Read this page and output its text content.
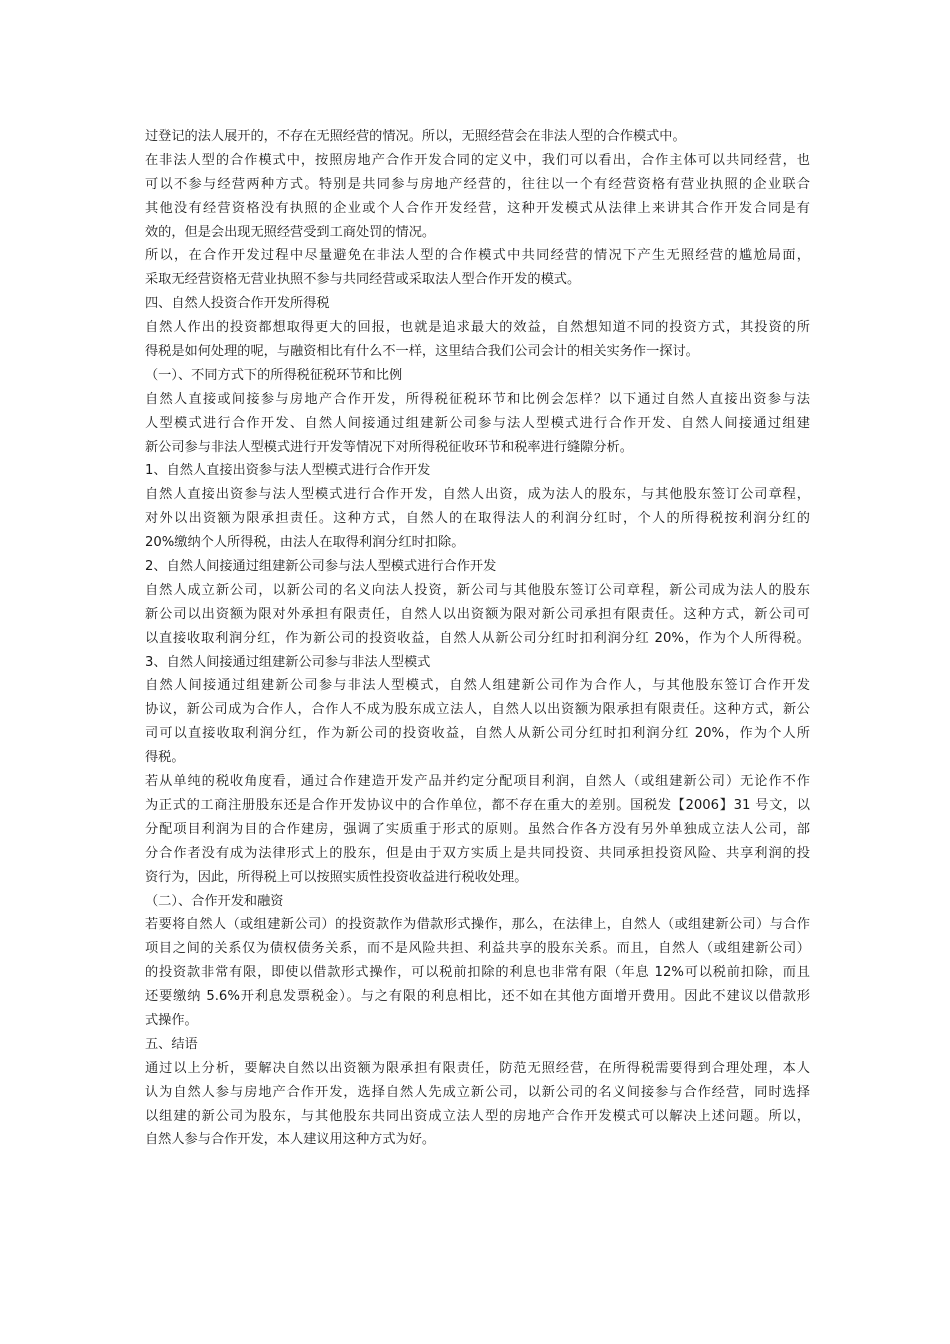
过登记的法人展开的，不存在无照经营的情况。所以，无照经营会在非法人型的合作模式中。
在非法人型的合作模式中，按照房地产合作开发合同的定义中，我们可以看出，合作主体可以共同经营，也
可以不参与经营两种方式。特别是共同参与房地产经营的，往往以一个有经营资格有营业执照的企业联合
其他没有经营资格没有执照的企业或个人合作开发经营，这种开发模式从法律上来讲其合作开发合同是有
效的，但是会出现无照经营受到工商处罚的情况。
所以，在合作开发过程中尽量避免在非法人型的合作模式中共同经营的情况下产生无照经营的尴尬局面，
采取无经营资格无营业执照不参与共同经营或采取法人型合作开发的模式。
四、自然人投资合作开发所得税
自然人作出的投资都想取得更大的回报，也就是追求最大的效益，自然想知道不同的投资方式，其投资的所
得税是如何处理的呢，与融资相比有什么不一样，这里结合我们公司会计的相关实务作一探讨。
（一）、不同方式下的所得税征税环节和比例
自然人直接或间接参与房地产合作开发，所得税征税环节和比例会怎样？以下通过自然人直接出资参与法
人型模式进行合作开发、自然人间接通过组建新公司参与法人型模式进行合作开发、自然人间接通过组建
新公司参与非法人型模式进行开发等情况下对所得税征收环节和税率进行缝隙分析。
1、自然人直接出资参与法人型模式进行合作开发
自然人直接出资参与法人型模式进行合作开发，自然人出资，成为法人的股东，与其他股东签订公司章程，
对外以出资额为限承担责任。这种方式，自然人的在取得法人的利润分红时，个人的所得税按利润分红的
20%缴纳个人所得税，由法人在取得利润分红时扣除。
2、自然人间接通过组建新公司参与法人型模式进行合作开发
自然人成立新公司，以新公司的名义向法人投资，新公司与其他股东签订公司章程，新公司成为法人的股东
新公司以出资额为限对外承担有限责任，自然人以出资额为限对新公司承担有限责任。这种方式，新公司可
以直接收取利润分红，作为新公司的投资收益，自然人从新公司分红时扣利润分红 20%，作为个人所得税。
3、自然人间接通过组建新公司参与非法人型模式
自然人间接通过组建新公司参与非法人型模式，自然人组建新公司作为合作人，与其他股东签订合作开发
协议，新公司成为合作人，合作人不成为股东成立法人，自然人以出资额为限承担有限责任。这种方式，新公
司可以直接收取利润分红，作为新公司的投资收益，自然人从新公司分红时扣利润分红 20%，作为个人所
得税。
若从单纯的税收角度看，通过合作建造开发产品并约定分配项目利润，自然人（或组建新公司）无论作不作
为正式的工商注册股东还是合作开发协议中的合作单位，都不存在重大的差别。国税发【2006】31 号文，以
分配项目利润为目的合作建房，强调了实质重于形式的原则。虽然合作各方没有另外单独成立法人公司，部
分合作者没有成为法律形式上的股东，但是由于双方实质上是共同投资、共同承担投资风险、共享利润的投
资行为，因此，所得税上可以按照实质性投资收益进行税收处理。
（二）、合作开发和融资
若要将自然人（或组建新公司）的投资款作为借款形式操作，那么，在法律上，自然人（或组建新公司）与合作
项目之间的关系仅为债权债务关系，而不是风险共担、利益共享的股东关系。而且，自然人（或组建新公司）
的投资款非常有限，即使以借款形式操作，可以税前扣除的利息也非常有限（年息 12%可以税前扣除，而且
还要缴纳 5.6%开利息发票税金）。与之有限的利息相比，还不如在其他方面增开费用。因此不建议以借款形
式操作。
五、结语
通过以上分析，要解决自然以出资额为限承担有限责任，防范无照经营，在所得税需要得到合理处理，本人
认为自然人参与房地产合作开发，选择自然人先成立新公司，以新公司的名义间接参与合作经营，同时选择
以组建的新公司为股东，与其他股东共同出资成立法人型的房地产合作开发模式可以解决上述问题。所以，
自然人参与合作开发，本人建议用这种方式为好。
